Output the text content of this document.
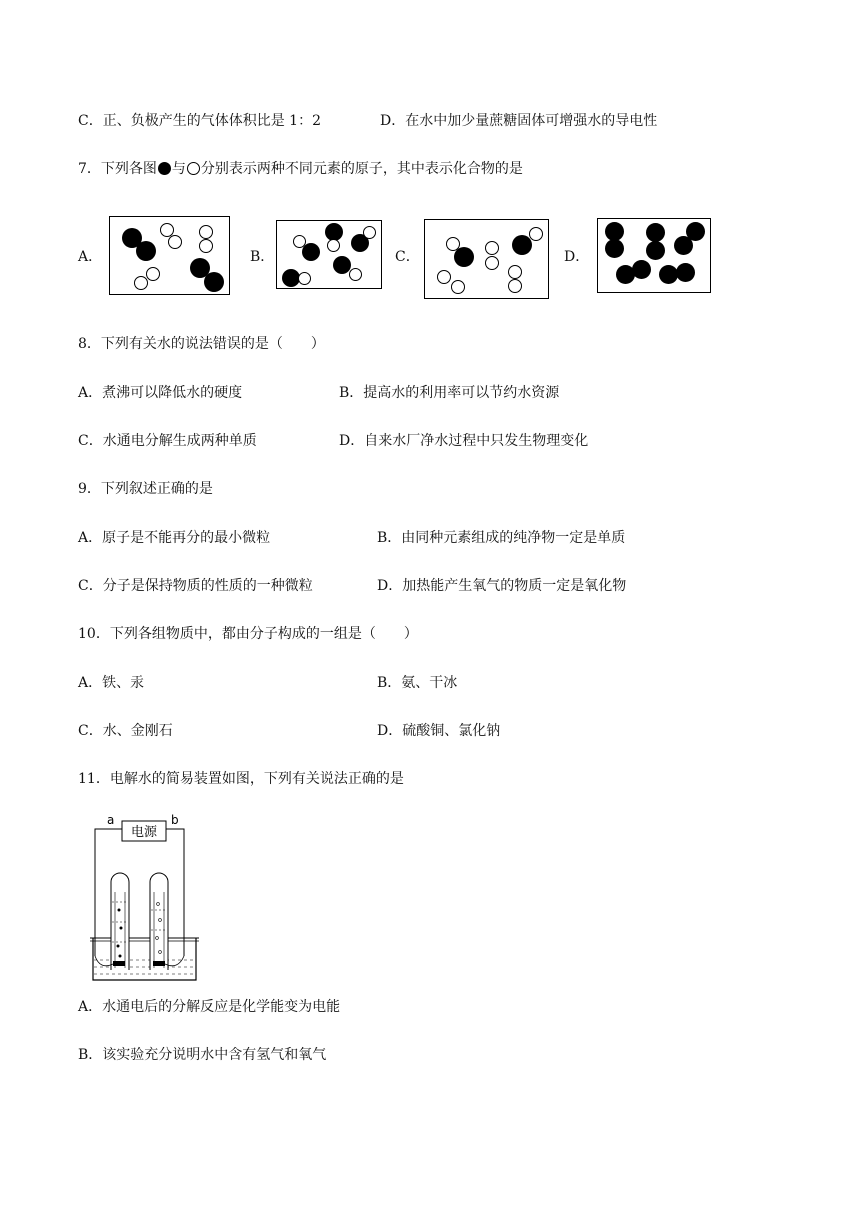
C．正、负极产生的气体体积比是 1：2	D．在水中加少量蔗糖固体可增强水的导电性
7．下列各图 与 分别表示两种不同元素的原子，其中表示化合物的是
A．	B．	C．	D．
8．下列有关水的说法错误的是（　　）
A．煮沸可以降低水的硬度	B．提高水的利用率可以节约水资源
C．水通电分解生成两种单质	D．自来水厂净水过程中只发生物理变化
9．下列叙述正确的是
A．原子是不能再分的最小微粒	B．由同种元素组成的纯净物一定是单质
C．分子是保持物质的性质的一种微粒	D．加热能产生氧气的物质一定是氧化物
10．下列各组物质中，都由分子构成的一组是（　　）
A．铁、汞	B．氨、干冰
C．水、金刚石	D．硫酸铜、氯化钠
11．电解水的简易装置如图，下列有关说法正确的是
a	b
电源
A．水通电后的分解反应是化学能变为电能
B．该实验充分说明水中含有氢气和氧气
